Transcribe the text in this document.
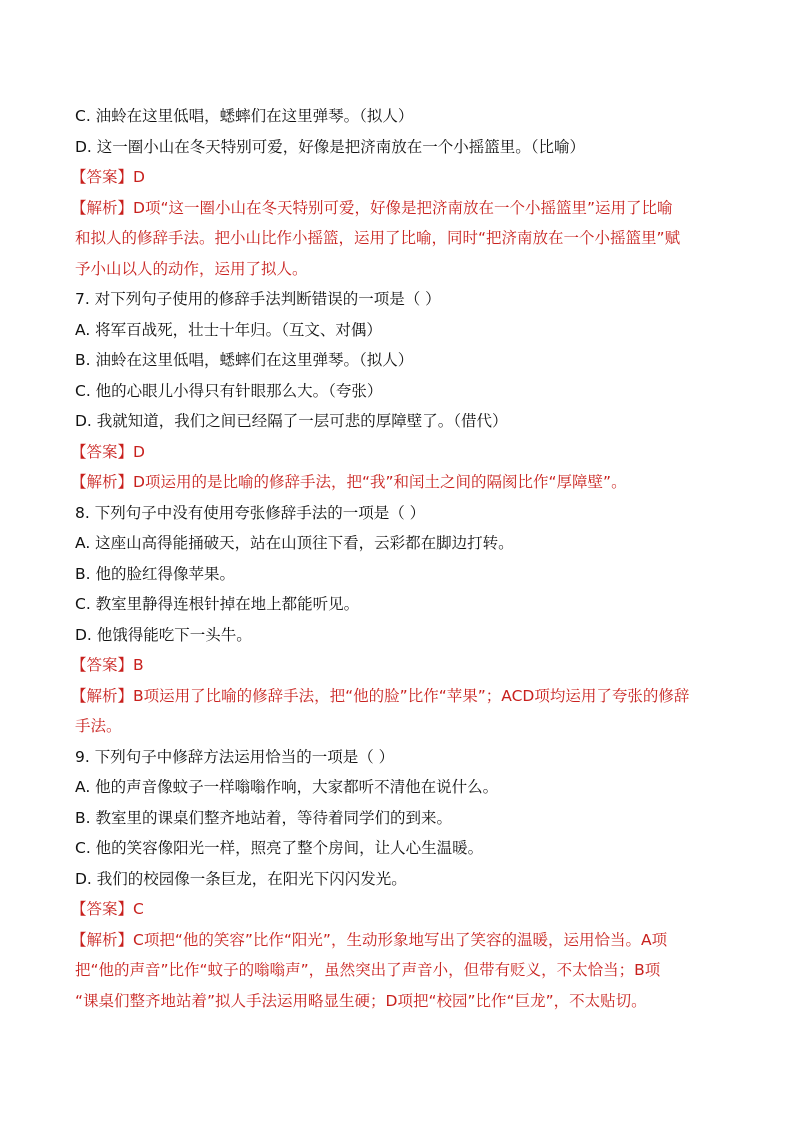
C. 油蛉在这里低唱，蟋蟀们在这里弹琴。（拟人）
D. 这一圈小山在冬天特别可爱，好像是把济南放在一个小摇篮里。（比喻）
【答案】D
【解析】D项“这一圈小山在冬天特别可爱，好像是把济南放在一个小摇篮里”运用了比喻
和拟人的修辞手法。把小山比作小摇篮，运用了比喻，同时“把济南放在一个小摇篮里”赋
予小山以人的动作，运用了拟人。
7. 对下列句子使用的修辞手法判断错误的一项是（ ）
A. 将军百战死，壮士十年归。（互文、对偶）
B. 油蛉在这里低唱，蟋蟀们在这里弹琴。（拟人）
C. 他的心眼儿小得只有针眼那么大。（夸张）
D. 我就知道，我们之间已经隔了一层可悲的厚障壁了。（借代）
【答案】D
【解析】D项运用的是比喻的修辞手法，把“我”和闰土之间的隔阂比作“厚障壁”。
8. 下列句子中没有使用夸张修辞手法的一项是（ ）
A. 这座山高得能捅破天，站在山顶往下看，云彩都在脚边打转。
B. 他的脸红得像苹果。
C. 教室里静得连根针掉在地上都能听见。
D. 他饿得能吃下一头牛。
【答案】B
【解析】B项运用了比喻的修辞手法，把“他的脸”比作“苹果”；ACD项均运用了夸张的修辞
手法。
9. 下列句子中修辞方法运用恰当的一项是（ ）
A. 他的声音像蚊子一样嗡嗡作响，大家都听不清他在说什么。
B. 教室里的课桌们整齐地站着，等待着同学们的到来。
C. 他的笑容像阳光一样，照亮了整个房间，让人心生温暖。
D. 我们的校园像一条巨龙，在阳光下闪闪发光。
【答案】C
【解析】C项把“他的笑容”比作“阳光”，生动形象地写出了笑容的温暖，运用恰当。A项
把“他的声音”比作“蚊子的嗡嗡声”，虽然突出了声音小，但带有贬义，不太恰当；B项
“课桌们整齐地站着”拟人手法运用略显生硬；D项把“校园”比作“巨龙”，不太贴切。
